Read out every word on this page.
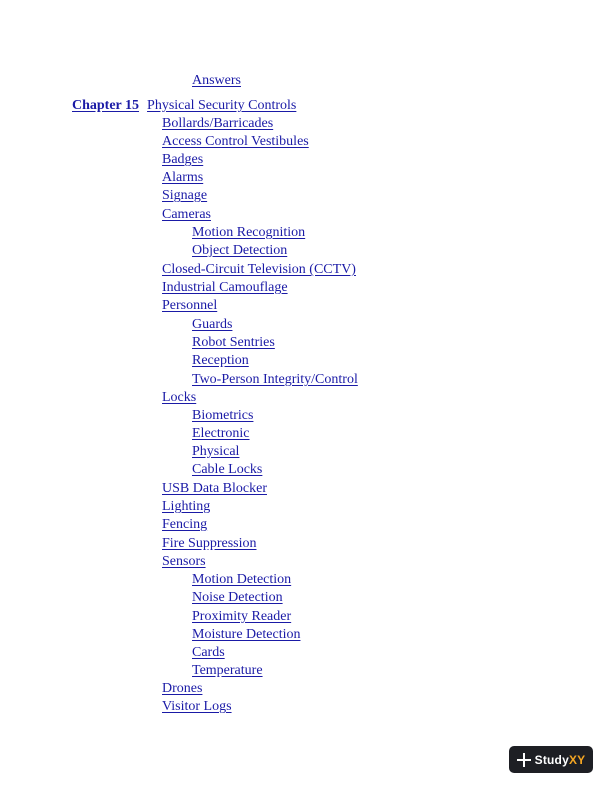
Answers
Chapter 15 Physical Security Controls
Bollards/Barricades
Access Control Vestibules
Badges
Alarms
Signage
Cameras
Motion Recognition
Object Detection
Closed-Circuit Television (CCTV)
Industrial Camouflage
Personnel
Guards
Robot Sentries
Reception
Two-Person Integrity/Control
Locks
Biometrics
Electronic
Physical
Cable Locks
USB Data Blocker
Lighting
Fencing
Fire Suppression
Sensors
Motion Detection
Noise Detection
Proximity Reader
Moisture Detection
Cards
Temperature
Drones
Visitor Logs
StudyXY
